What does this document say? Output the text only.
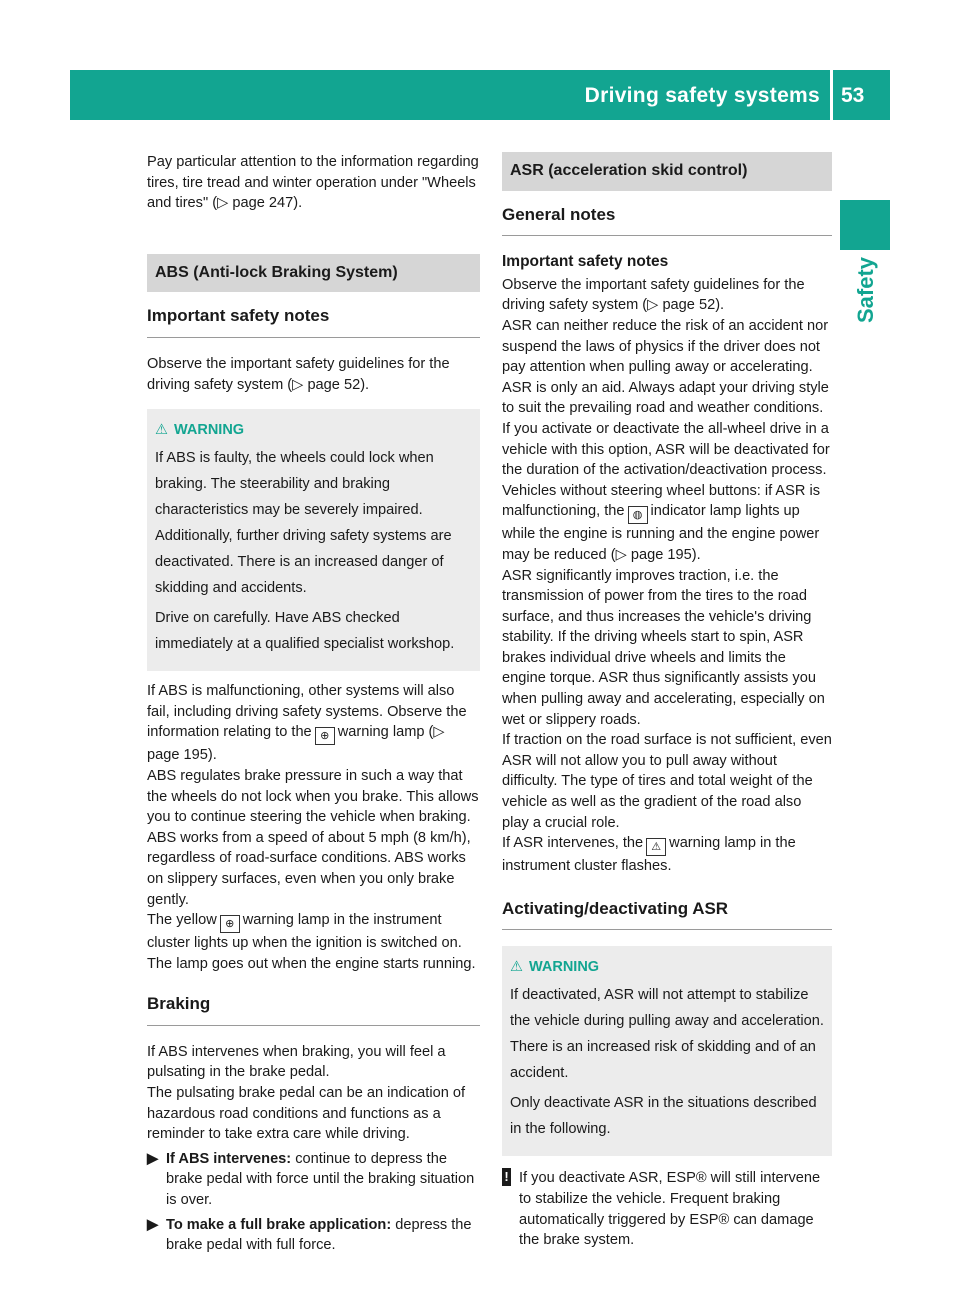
Driving safety systems 53
Safety

Pay particular attention to the information regarding tires, tire tread and winter operation under "Wheels and tires" (▷ page 247).

ABS (Anti-lock Braking System)
Important safety notes

Observe the important safety guidelines for the driving safety system (▷ page 52).

⚠ WARNING

If ABS is faulty, the wheels could lock when braking. The steerability and braking characteristics may be severely impaired. Additionally, further driving safety systems are deactivated. There is an increased danger of skidding and accidents.

Drive on carefully. Have ABS checked immediately at a qualified specialist workshop.

If ABS is malfunctioning, other systems will also fail, including driving safety systems. Observe the information relating to the ⊕ warning lamp (▷ page 195).

ABS regulates brake pressure in such a way that the wheels do not lock when you brake. This allows you to continue steering the vehicle when braking.

ABS works from a speed of about 5 mph (8 km/h), regardless of road-surface conditions. ABS works on slippery surfaces, even when you only brake gently.

The yellow ⊕ warning lamp in the instrument cluster lights up when the ignition is switched on. The lamp goes out when the engine starts running.

Braking

If ABS intervenes when braking, you will feel a pulsating in the brake pedal.

The pulsating brake pedal can be an indication of hazardous road conditions and functions as a reminder to take extra care while driving.

▶ If ABS intervenes: continue to depress the brake pedal with force until the braking situation is over.
▶ To make a full brake application: depress the brake pedal with full force.
ASR (acceleration skid control)
General notes
Important safety notes

Observe the important safety guidelines for the driving safety system (▷ page 52).

ASR can neither reduce the risk of an accident nor suspend the laws of physics if the driver does not pay attention when pulling away or accelerating. ASR is only an aid. Always adapt your driving style to suit the prevailing road and weather conditions.

If you activate or deactivate the all-wheel drive in a vehicle with this option, ASR will be deactivated for the duration of the activation/deactivation process.

Vehicles without steering wheel buttons: if ASR is malfunctioning, the ◍ indicator lamp lights up while the engine is running and the engine power may be reduced (▷ page 195).

ASR significantly improves traction, i.e. the transmission of power from the tires to the road surface, and thus increases the vehicle's driving stability. If the driving wheels start to spin, ASR brakes individual drive wheels and limits the engine torque. ASR thus significantly assists you when pulling away and accelerating, especially on wet or slippery roads.

If traction on the road surface is not sufficient, even ASR will not allow you to pull away without difficulty. The type of tires and total weight of the vehicle as well as the gradient of the road also play a crucial role.

If ASR intervenes, the ⚠ warning lamp in the instrument cluster flashes.

Activating/deactivating ASR
⚠ WARNING

If deactivated, ASR will not attempt to stabilize the vehicle during pulling away and acceleration. There is an increased risk of skidding and of an accident.

Only deactivate ASR in the situations described in the following.

! If you deactivate ASR, ESP® will still intervene to stabilize the vehicle. Frequent braking automatically triggered by ESP® can damage the brake system.
